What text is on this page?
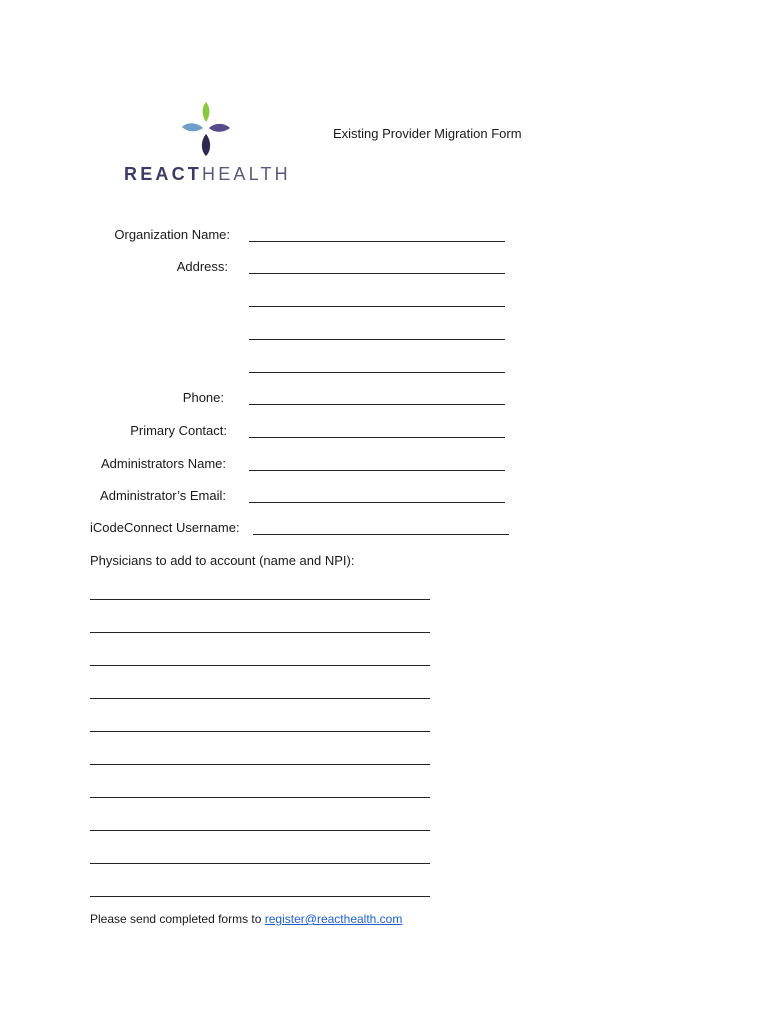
REACTHEALTH
Existing Provider Migration Form
Organization Name:
Address:
Phone:
Primary Contact:
Administrators Name:
Administrator’s Email:
iCodeConnect Username:
Physicians to add to account (name and NPI):
Please send completed forms to register@reacthealth.com
